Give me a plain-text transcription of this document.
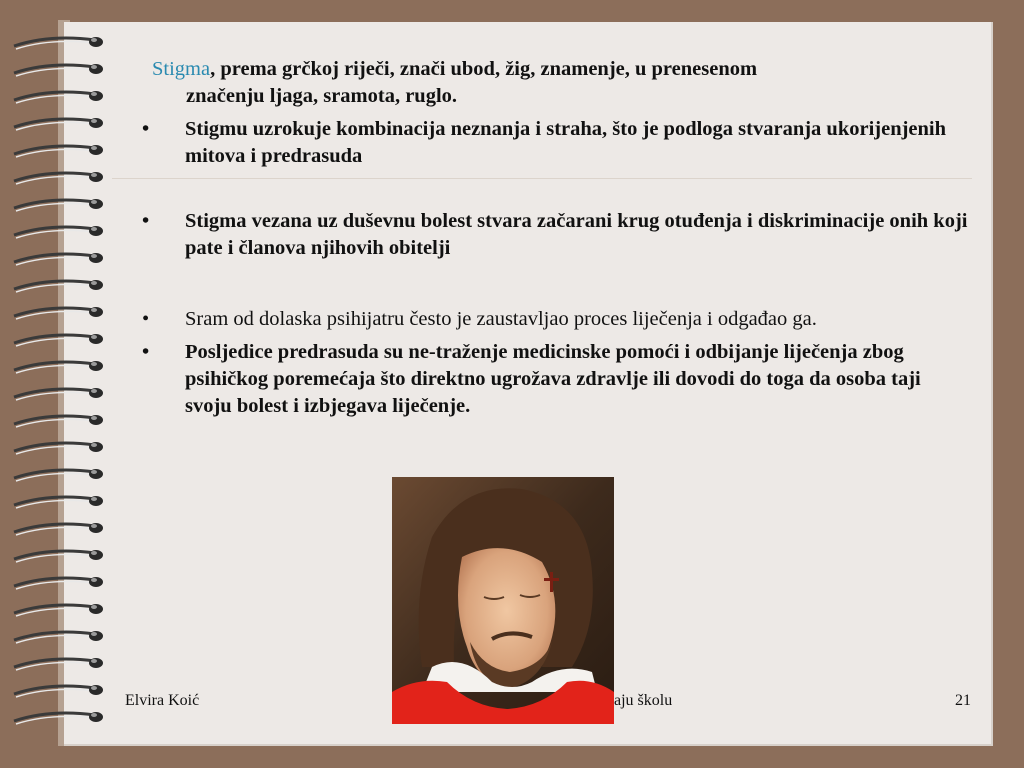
Stigma, prema grčkoj riječi, znači ubod, žig, znamenje, u prenesenom
značenju ljaga, sramota, ruglo.

• Stigmu uzrokuje kombinacija neznanja i straha, što je podloga stvaranja ukorijenjenih mitova i predrasuda

• Stigma vezana uz duševnu bolest stvara začarani krug otuđenja i diskriminacije onih koji pate i članova njihovih obitelji

• Sram od dolaska psihijatru često je zaustavljao proces liječenja i odgađao ga.

• Posljedice predrasuda su ne-traženje medicinske pomoći i odbijanje liječenja zbog psihičkog poremećaja što direktno ugrožava zdravlje ili dovodi do toga da osoba taji svoju bolest i izbjegava liječenje.

Elvira Koić	aju školu	21
